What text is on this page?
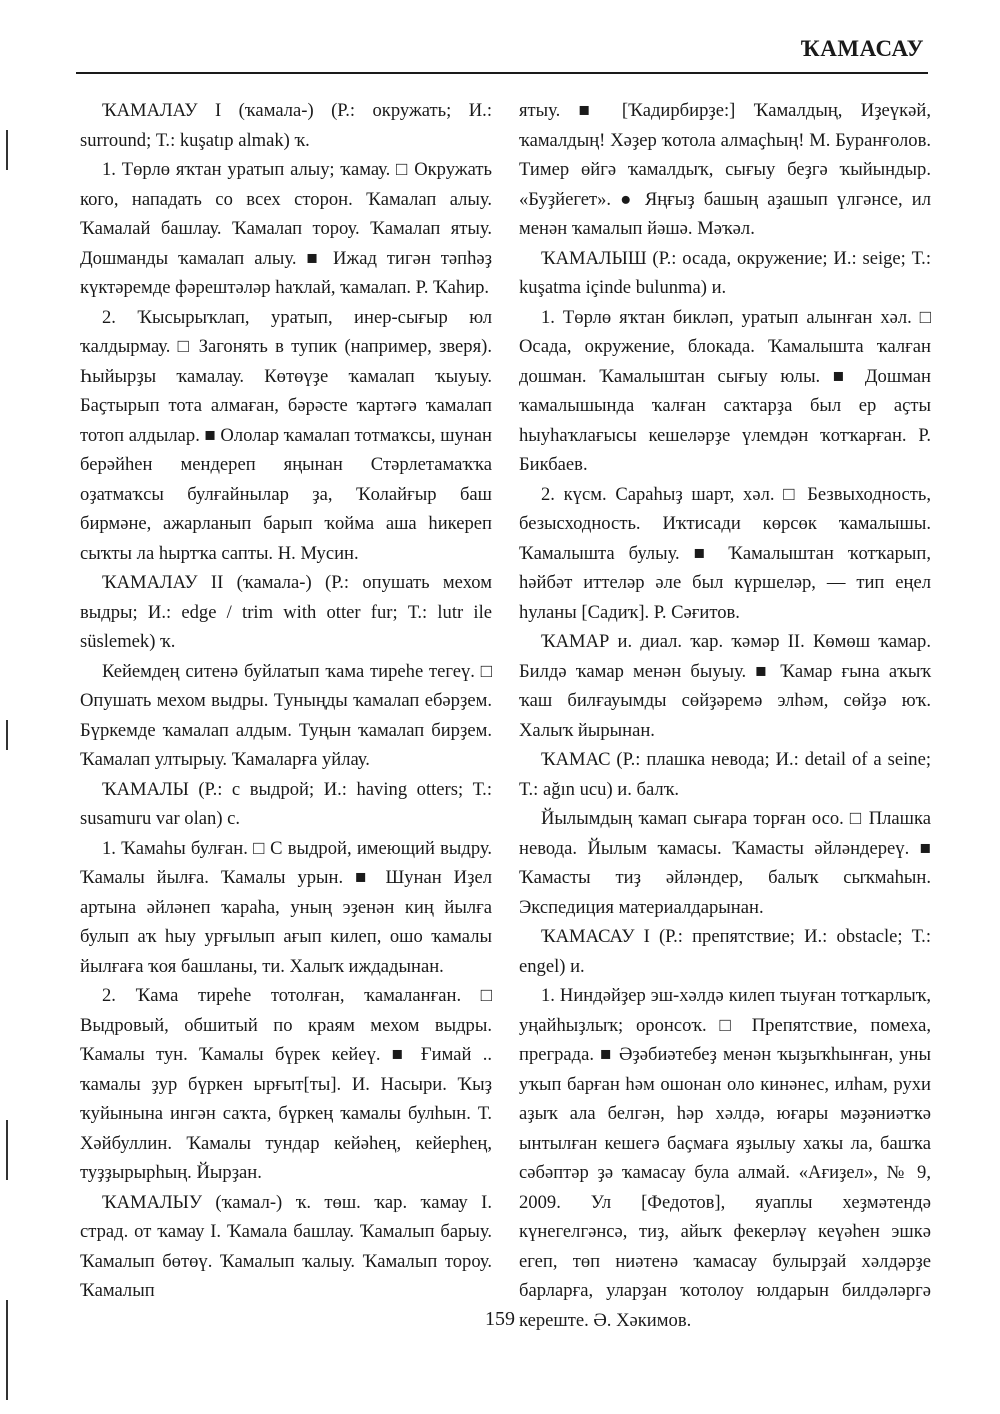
ҠАМАСАУ

ҠАМАЛАУ I (ҡамала-) (Р.: окружать; И.: surround; Т.: kuşatıp almak) ҡ.

1. Төрлө яҡтан уратып алыу; ҡамау. □ Окружать кого, нападать со всех сторон. Ҡамалап алыу. Ҡамалай башлау. Ҡамалап тороу. Ҡамалап ятыу. Дошманды ҡамалап алыу. ■ Ижад тигән тәпһәҙ күктәремде фәрештәләр һаҡлай, ҡамалап. Р. Ҡаһир.

2. Ҡысырыҡлап, уратып, инер-сығыр юл ҡалдырмау. □ Загонять в тупик (например, зверя). Һыйырҙы ҡамалау. Көтөүҙе ҡамалап ҡыуыу. Баҫтырып тота алмаған, бәрәсте ҡартәгә ҡамалап тотоп алдылар. ■ Ололар ҡамалап тотмаҡсы, шунан берәйһен мендереп яңынан Стәрлетамаҡҡа оҙатмаҡсы булғайнылар ҙа, Ҡолайғыр баш бирмәне, ажарланып барып ҡойма аша һикереп сыҡты ла һыртҡа сапты. Н. Мусин.

ҠАМАЛАУ II (ҡамала-) (Р.: опушать мехом выдры; И.: edge / trim with otter fur; Т.: lutr ile süslemek) ҡ.

Кейемдең ситенә буйлатып ҡама тиреһе тегеү. □ Опушать мехом выдры. Туныңды ҡамалап ебәрҙем. Бүркемде ҡамалап алдым. Туңын ҡамалап бирҙем. Ҡамалап ултырыу. Ҡамаларға уйлау.

ҠАМАЛЫ (Р.: с выдрой; И.: having otters; Т.: susamuru var olan) с.

1. Ҡамаһы булған. □ С выдрой, имеющий выдру. Ҡамалы йылға. Ҡамалы урын. ■ Шунан Иҙел артына әйләнеп ҡараһа, уның эҙенән киң йылға булып аҡ һыу урғылып ағып килеп, ошо ҡамалы йылғаға ҡоя башланы, ти. Халыҡ иждадынан.

2. Ҡама тиреһе тотолған, ҡамаланған. □ Выдровый, обшитый по краям мехом выдры. Ҡамалы тун. Ҡамалы бүрек кейеү. ■ Ғимай .. ҡамалы ҙур бүркен ырғыт[ты]. И. Насыри. Ҡыҙ ҡуйынына ингән саҡта, бүркең ҡамалы булһын. Т. Хәйбуллин. Ҡамалы тундар кейәһең, кейерһең, туҙҙырырһың. Йырҙан.

ҠАМАЛЫУ (ҡамал-) ҡ. төш. ҡар. ҡамау I. страд. от ҡамау I. Ҡамала башлау. Ҡамалып барыу. Ҡамалып бөтөү. Ҡамалып ҡалыу. Ҡамалып тороу. Ҡамалып

ятыу. ■ [Ҡадирбирҙе:] Ҡамалдың, Иҙеүкәй, ҡамалдың! Хәҙер ҡотола алмаҫһың! М. Буранғолов. Тимер өйгә ҡамалдыҡ, сығыу беҙгә ҡыйындыр. «Буҙйегет». ● Яңғыҙ башың аҙашып үлгәнсе, ил менән ҡамалып йәшә. Мәҡәл.

ҠАМАЛЫШ (Р.: осада, окружение; И.: seige; Т.: kuşatma içinde bulunma) и.

1. Төрлө яҡтан бикләп, уратып алынған хәл. □ Осада, окружение, блокада. Ҡамалышта ҡалған дошман. Ҡамалыштан сығыу юлы. ■ Дошман ҡамалышында ҡалған саҡтарҙа был ер аҫты һыуһаҡлағысы кешеләрҙе үлемдән ҡотҡарған. Р. Бикбаев.

2. күсм. Сараһыҙ шарт, хәл. □ Безвыходность, безысходность. Иҡтисади көрсөк ҡамалышы. Ҡамалышта булыу. ■ Ҡамалыштан ҡотҡарып, һәйбәт иттеләр әле был күршеләр, — тип еңел һуланы [Садиҡ]. Р. Сәғитов.

ҠАМАР и. диал. ҡар. ҡәмәр II. Көмөш ҡамар. Билдә ҡамар менән быуыу. ■ Ҡамар ғына аҡыҡ ҡаш билғауымды сөйҙәремә элһәм, сөйҙә юҡ. Халыҡ йырынан.

ҠАМАС (Р.: плашка невода; И.: detail of a seine; Т.: ağın ucu) и. балҡ.

Йылымдың ҡамап сығара торған осо. □ Плашка невода. Йылым ҡамасы. Ҡамасты әйләндереү. ■ Ҡамасты тиҙ әйләндер, балыҡ сыҡмаһын. Экспедиция материалдарынан.

ҠАМАСАУ I (Р.: препятствие; И.: obstacle; Т.: engel) и.

1. Ниндәйҙер эш-хәлдә килеп тыуған тотҡарлыҡ, уңайһыҙлыҡ; оронсоҡ. □ Препятствие, помеха, преграда. ■ Әҙәбиәтебеҙ менән ҡыҙыҡһынған, уны уҡып барған һәм ошонан оло кинәнес, илһам, рухи аҙыҡ ала белгән, һәр хәлдә, юғары мәҙәниәтҡә ынтылған кешегә баҫмаға яҙылыу хаҡы ла, башҡа сәбәптәр ҙә ҡамасау була алмай. «Ағиҙел», № 9, 2009. Ул [Федотов], яуаплы хеҙмәтендә күнегелгәнсә, тиҙ, айыҡ фекерләү кеүәһен эшкә егеп, төп ниәтенә ҡамасау булырҙай хәлдәрҙе барларға, уларҙан ҡотолоу юлдарын билдәләргә кереште. Ә. Хәкимов.

159
